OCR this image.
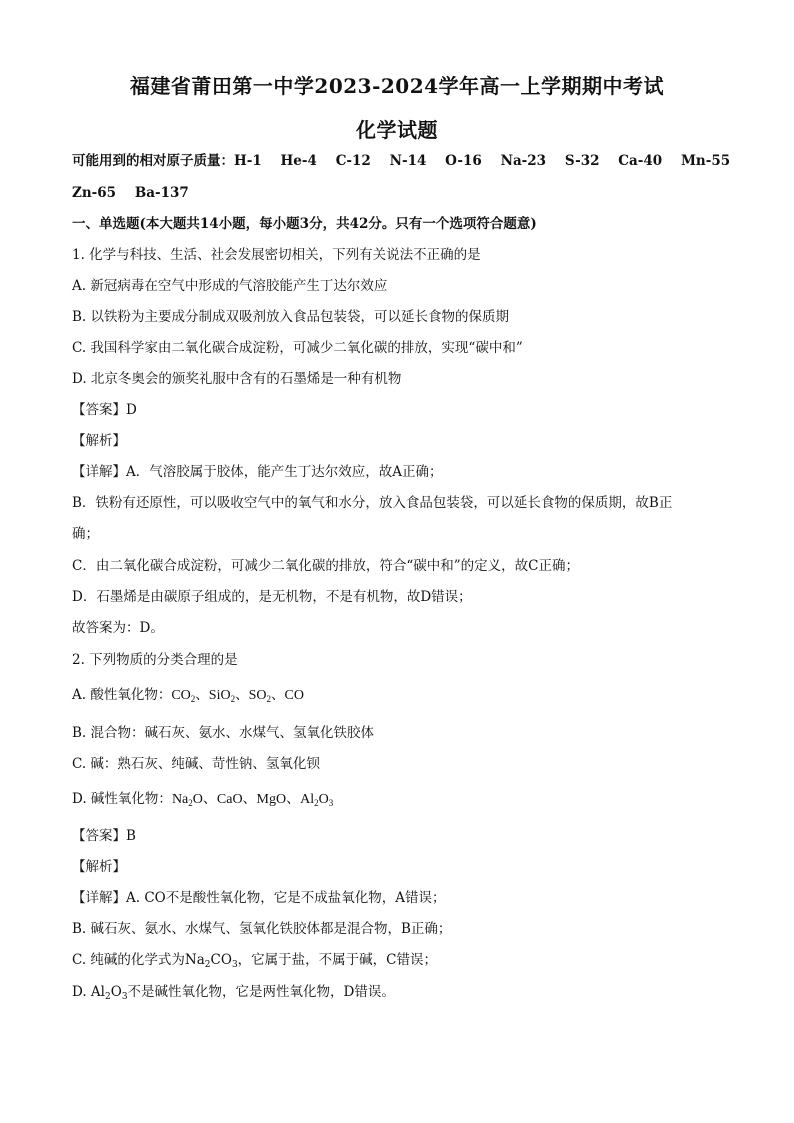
福建省莆田第一中学2023-2024学年高一上学期期中考试
化学试题
可能用到的相对原子质量：H-1    He-4    C-12    N-14    O-16    Na-23    S-32    Ca-40    Mn-55
Zn-65    Ba-137
一、单选题(本大题共14小题，每小题3分，共42分。只有一个选项符合题意)
1. 化学与科技、生活、社会发展密切相关，下列有关说法不正确的是
A. 新冠病毒在空气中形成的气溶胶能产生丁达尔效应
B. 以铁粉为主要成分制成双吸剂放入食品包装袋，可以延长食物的保质期
C. 我国科学家由二氧化碳合成淀粉，可减少二氧化碳的排放，实现“碳中和”
D. 北京冬奥会的颁奖礼服中含有的石墨烯是一种有机物
【答案】D
【解析】
【详解】A．气溶胶属于胶体，能产生丁达尔效应，故A正确；
B．铁粉有还原性，可以吸收空气中的氧气和水分，放入食品包装袋，可以延长食物的保质期，故B正
确；
C．由二氧化碳合成淀粉，可减少二氧化碳的排放，符合“碳中和”的定义，故C正确；
D．石墨烯是由碳原子组成的，是无机物，不是有机物，故D错误；
故答案为：D。
2. 下列物质的分类合理的是
A. 酸性氧化物：$CO_2$、SiO$_2$、$SO_2$、CO
B. 混合物：碱石灰、氨水、水煤气、氢氧化铁胶体
C. 碱：熟石灰、纯碱、苛性钠、氢氧化钡
D. 碱性氧化物：$Na_2O$、CaO、MgO、$Al_2O_3$
【答案】B
【解析】
【详解】A. CO不是酸性氧化物，它是不成盐氧化物，A错误；
B. 碱石灰、氨水、水煤气、氢氧化铁胶体都是混合物，B正确；
C. 纯碱的化学式为$Na_2CO_3$，它属于盐，不属于碱，C错误；
D. $Al_2O_3$不是碱性氧化物，它是两性氧化物，D错误。
